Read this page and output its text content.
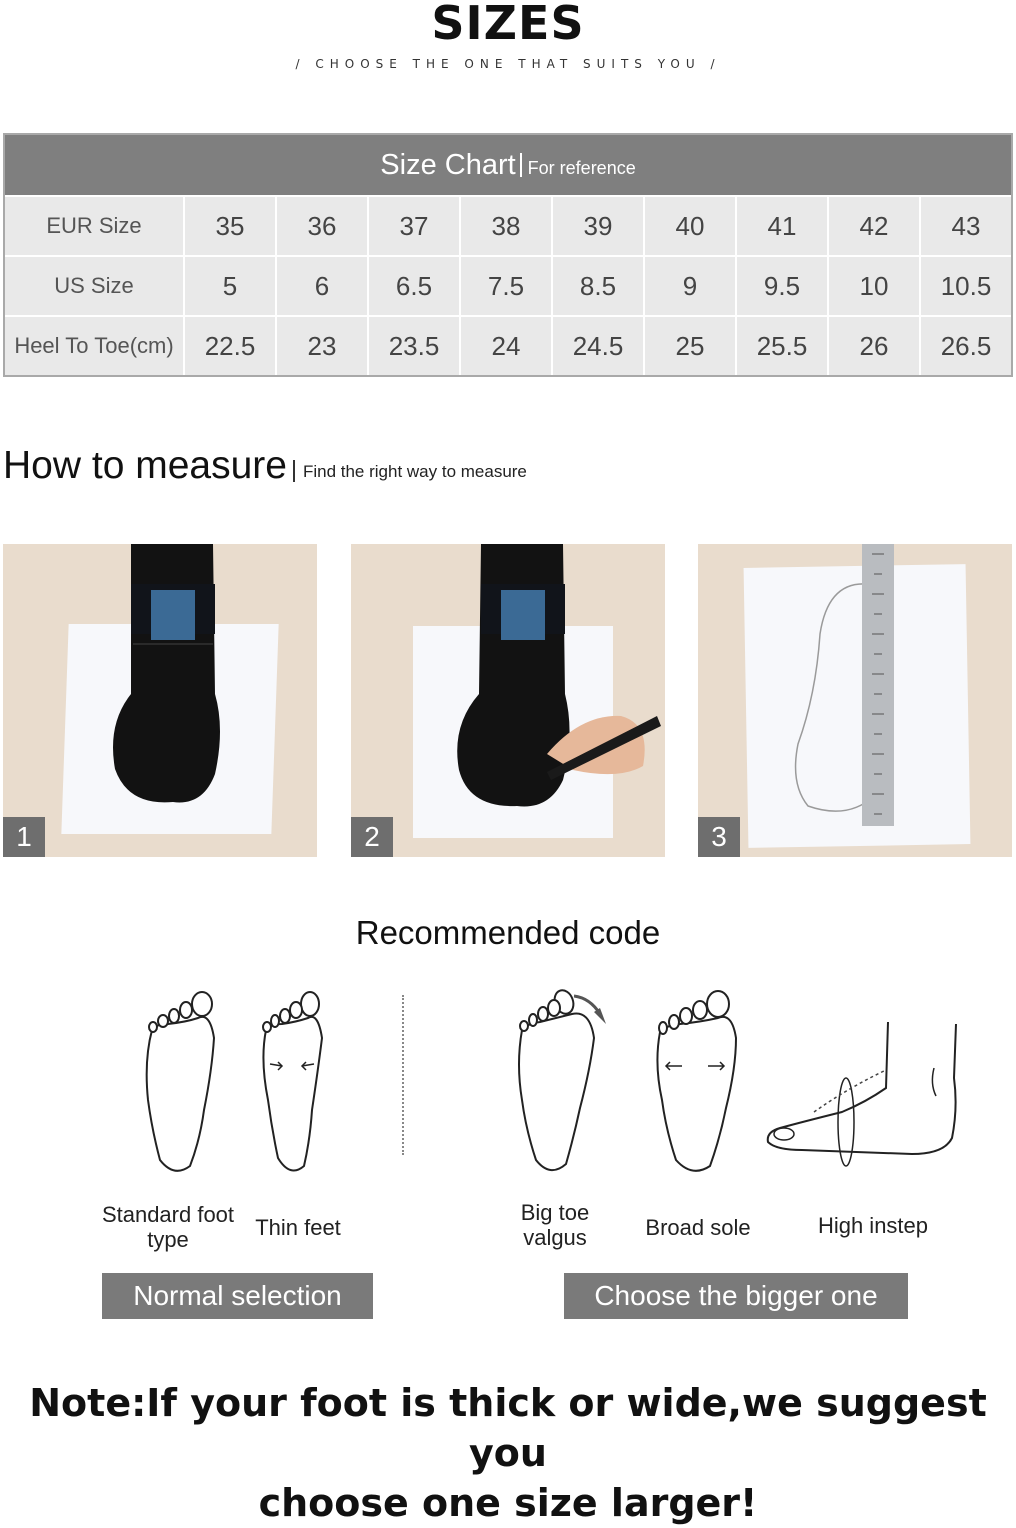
SIZES
/ CHOOSE THE ONE THAT SUITS YOU /
Size Chart For reference
EUR Size	35	36	37	38	39	40	41	42	43
US Size	5	6	6.5	7.5	8.5	9	9.5	10	10.5
Heel To Toe(cm)	22.5	23	23.5	24	24.5	25	25.5	26	26.5
How to measure Find the right way to measure
1	2	3
Recommended code
Standard foot type	Thin feet
Big toe valgus	Broad sole	High instep
Normal selection	Choose the bigger one
Note:If your foot is thick or wide,we suggest you
choose one size larger!
